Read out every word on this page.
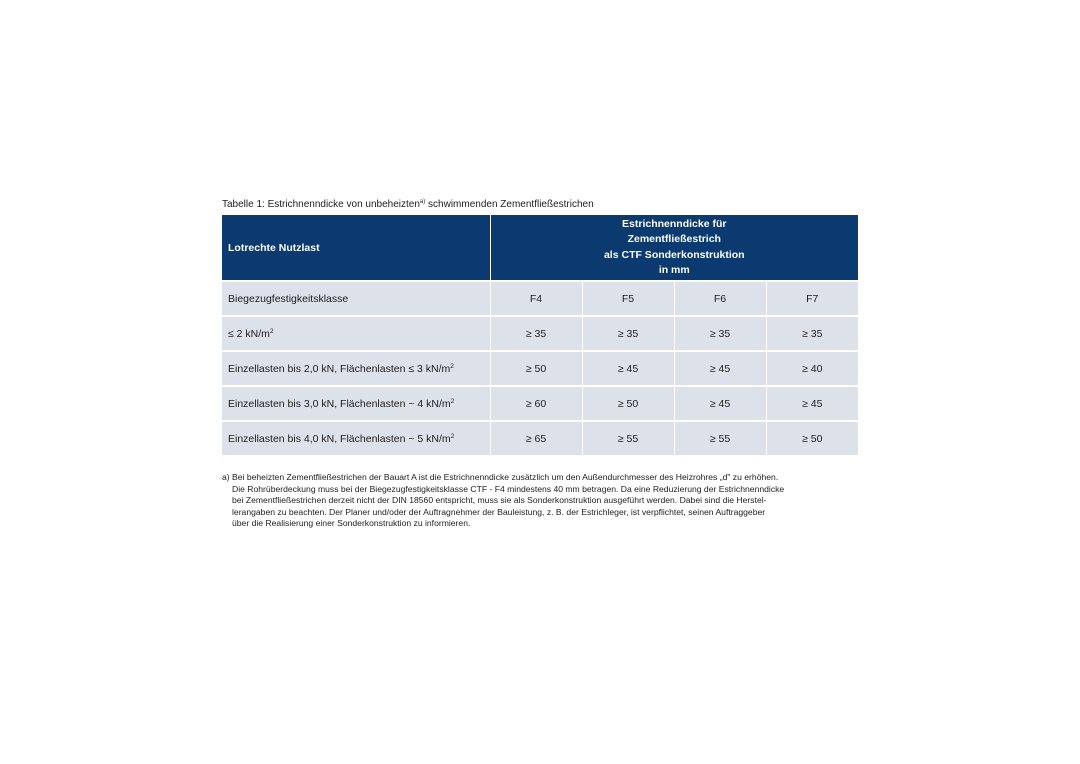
Tabelle 1: Estrichnenndicke von unbeheizten$^{a)}$ schwimmenden Zementfließestrichen
Lotrechte Nutzlast	Estrichnenndicke für
Zementfließestrich
als CTF Sonderkonstruktion
in mm			

Biegezugfestigkeitsklasse	F4	F5	F6	F7
≤ 2 $kN/m^2$	≥ 35	≥ 35	≥ 35	≥ 35
Einzellasten bis 2,0 kN, Flächenlasten ≤ 3 $kN/m^2$	≥ 50	≥ 45	≥ 45	≥ 40
Einzellasten bis 3,0 kN, Flächenlasten ~ 4 $kN/m^2$	≥ 60	≥ 50	≥ 45	≥ 45
Einzellasten bis 4,0 kN, Flächenlasten ~ 5 $kN/m^2$	≥ 65	≥ 55	≥ 55	≥ 50
a) Bei beheizten Zementfließestrichen der Bauart A ist die Estrichnenndicke zusätzlich um den Außendurchmesser des Heizrohres „d" zu erhöhen.
Die Rohrüberdeckung muss bei der Biegezugfestigkeitsklasse CTF - F4 mindestens 40 mm betragen. Da eine Reduzierung der Estrichnenndicke
bei Zementfließestrichen derzeit nicht der DIN 18560 entspricht, muss sie als Sonderkonstruktion ausgeführt werden. Dabei sind die Herstel-
lerangaben zu beachten. Der Planer und/oder der Auftragnehmer der Bauleistung, z. B. der Estrichleger, ist verpflichtet, seinen Auftraggeber
über die Realisierung einer Sonderkonstruktion zu informieren.
